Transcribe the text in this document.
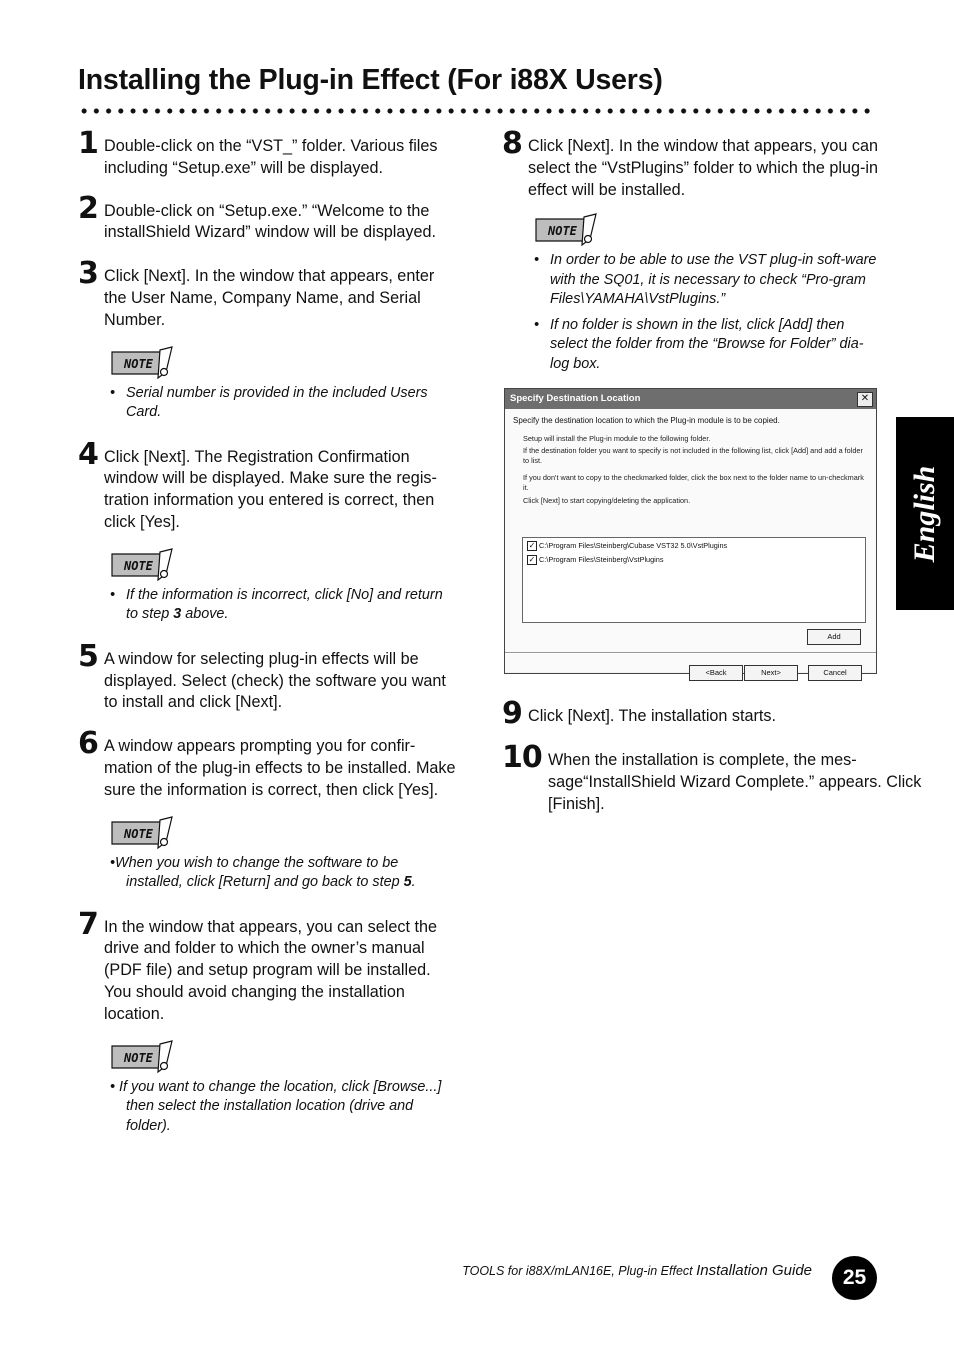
Installing the Plug-in Effect (For i88X Users)
1 Double-click on the “VST_” folder. Various files including “Setup.exe” will be displayed.
2 Double-click on “Setup.exe.” “Welcome to the installShield Wizard” window will be displayed.
3 Click [Next]. In the window that appears, enter the User Name, Company Name, and Serial Number.
NOTE
• Serial number is provided in the included Users Card.
4 Click [Next]. The Registration Confirmation window will be displayed. Make sure the regis-tration information you entered is correct, then click [Yes].
NOTE
• If the information is incorrect, click [No] and return to step 3 above.
5 A window for selecting plug-in effects will be displayed. Select (check) the software you want to install and click [Next].
6 A window appears prompting you for confir-mation of the plug-in effects to be installed. Make sure the information is correct, then click [Yes].
NOTE
•When you wish to change the software to be installed, click [Return] and go back to step 5.
7 In the window that appears, you can select the drive and folder to which the owner’s manual (PDF file) and setup program will be installed. You should avoid changing the installation location.
NOTE
• If you want to change the location, click [Browse...] then select the installation location (drive and folder).
8 Click [Next]. In the window that appears, you can select the “VstPlugins” folder to which the plug-in effect will be installed.
NOTE
• In order to be able to use the VST plug-in soft-ware with the SQ01, it is necessary to check “Pro-gram Files\YAMAHA\VstPlugins.”
• If no folder is shown in the list, click [Add] then select the folder from the “Browse for Folder” dia-log box.
Specify Destination Location	✕
Specify the destination location to which the Plug-in module is to be copied.
Setup will install the Plug-in module to the following folder.
If the destination folder you want to specify is not included in the following list, click [Add] and add a folder to list.
If you don't want to copy to the checkmarked folder, click the box next to the folder name to un-checkmark it.
Click [Next] to start copying/deleting the application.
✓ C:\Program Files\Steinberg\Cubase VST32 5.0\VstPlugins
✓ C:\Program Files\Steinberg\VstPlugins
Add
<Back	Next>	Cancel
9 Click [Next]. The installation starts.
10 When the installation is complete, the mes-sage“InstallShield Wizard Complete.” appears. Click [Finish].
English
TOOLS for i88X/mLAN16E, Plug-in Effect Installation Guide	25
